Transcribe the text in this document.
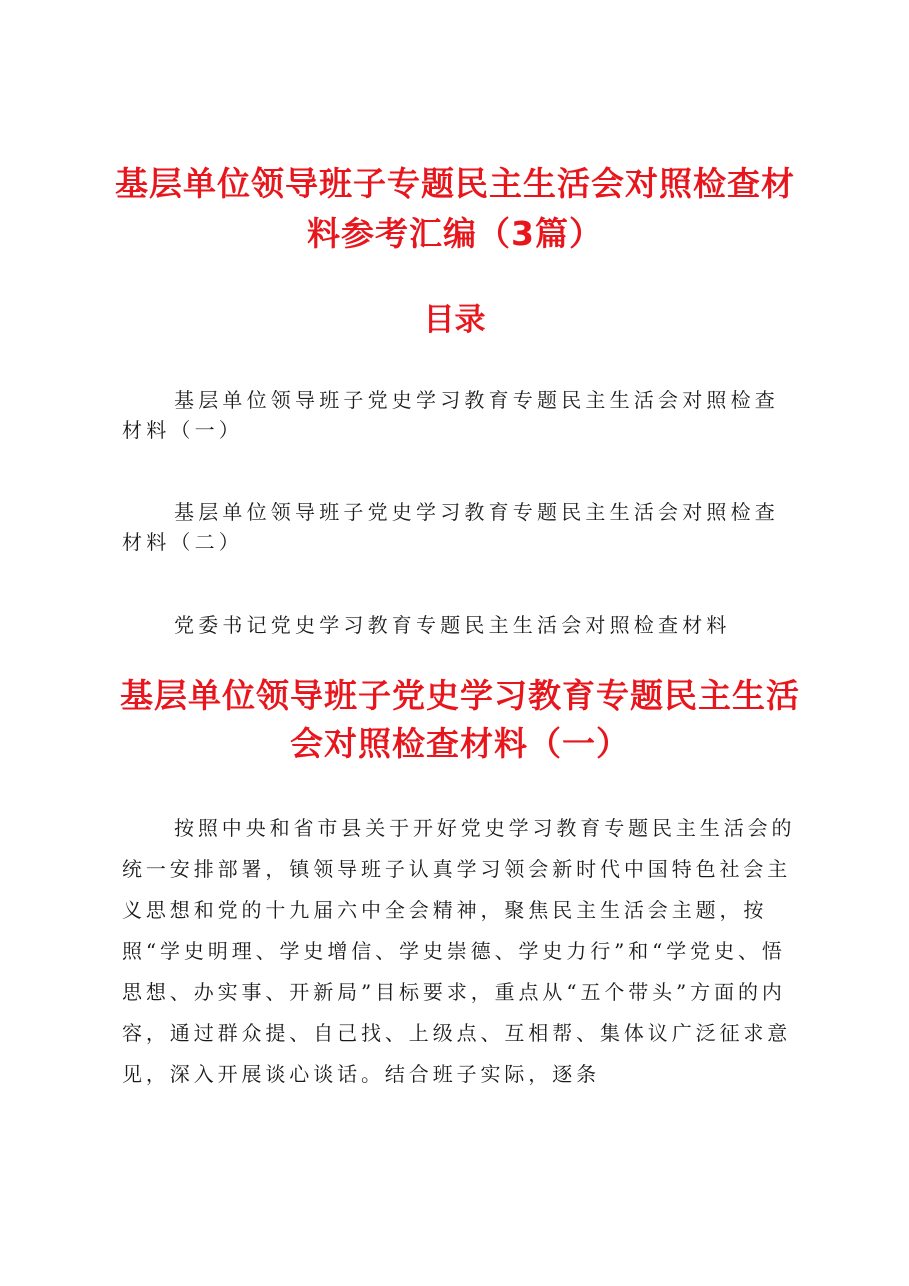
基层单位领导班子专题民主生活会对照检查材
料参考汇编（3篇）
目录
基层单位领导班子党史学习教育专题民主生活会对照检查材料（一）
基层单位领导班子党史学习教育专题民主生活会对照检查材料（二）
党委书记党史学习教育专题民主生活会对照检查材料
基层单位领导班子党史学习教育专题民主生活
会对照检查材料（一）
按照中央和省市县关于开好党史学习教育专题民主生活会的统一安排部署，镇领导班子认真学习领会新时代中国特色社会主义思想和党的十九届六中全会精神，聚焦民主生活会主题，按照“学史明理、学史增信、学史崇德、学史力行”和“学党史、悟思想、办实事、开新局”目标要求，重点从“五个带头”方面的内容，通过群众提、自己找、上级点、互相帮、集体议广泛征求意见，深入开展谈心谈话。结合班子实际，逐条
